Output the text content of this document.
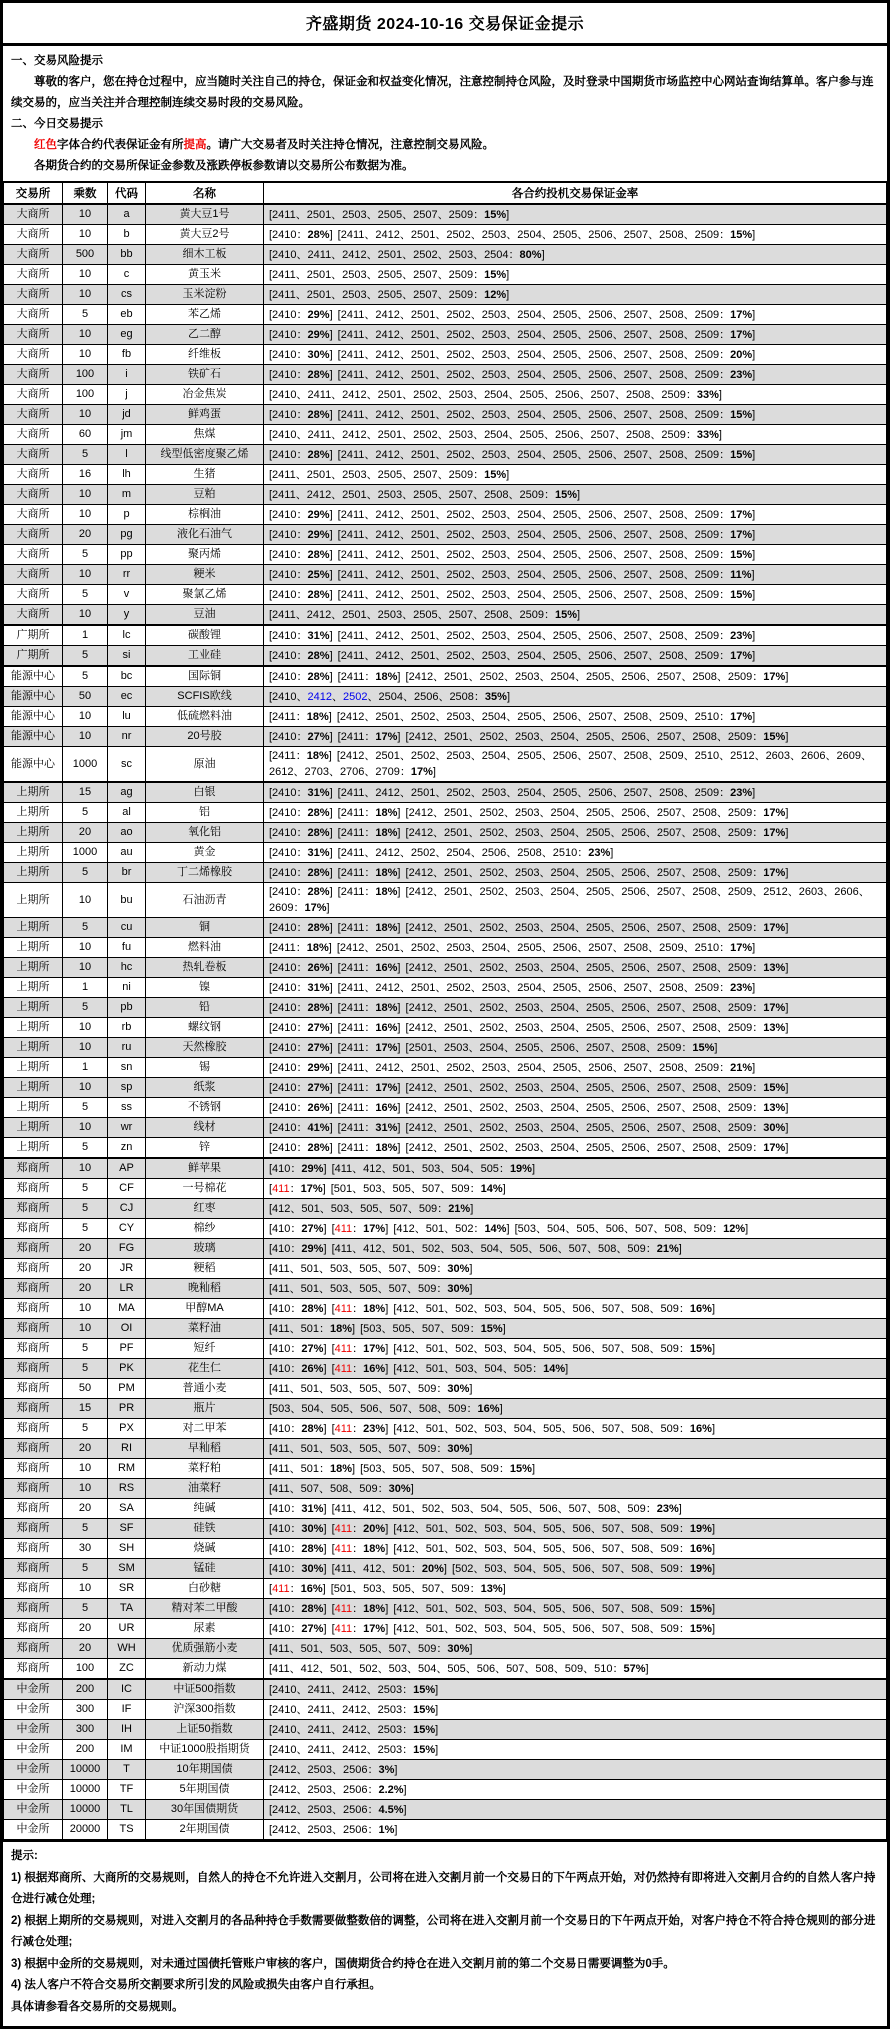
齐盛期货 2024-10-16 交易保证金提示
一、交易风险提示

尊敬的客户，您在持仓过程中，应当随时关注自己的持仓，保证金和权益变化情况，注意控制持仓风险，及时登录中国期货市场监控中心网站查询结算单。客户参与连续交易的，应当关注并合理控制连续交易时段的交易风险。

二、今日交易提示

红色字体合约代表保证金有所提高。请广大交易者及时关注持仓情况，注意控制交易风险。

各期货合约的交易所保证金参数及涨跌停板参数请以交易所公布数据为准。

交易所	乘数	代码	名称	各合约投机交易保证金率
大商所	10	a	黄大豆1号	[2411、2501、2503、2505、2507、2509：15%]
大商所	10	b	黄大豆2号	[2410：28%] [2411、2412、2501、2502、2503、2504、2505、2506、2507、2508、2509：15%]
大商所	500	bb	细木工板	[2410、2411、2412、2501、2502、2503、2504：80%]
大商所	10	c	黄玉米	[2411、2501、2503、2505、2507、2509：15%]
大商所	10	cs	玉米淀粉	[2411、2501、2503、2505、2507、2509：12%]
大商所	5	eb	苯乙烯	[2410：29%] [2411、2412、2501、2502、2503、2504、2505、2506、2507、2508、2509：17%]
大商所	10	eg	乙二醇	[2410：29%] [2411、2412、2501、2502、2503、2504、2505、2506、2507、2508、2509：17%]
大商所	10	fb	纤维板	[2410：30%] [2411、2412、2501、2502、2503、2504、2505、2506、2507、2508、2509：20%]
大商所	100	i	铁矿石	[2410：28%] [2411、2412、2501、2502、2503、2504、2505、2506、2507、2508、2509：23%]
大商所	100	j	冶金焦炭	[2410、2411、2412、2501、2502、2503、2504、2505、2506、2507、2508、2509：33%]
大商所	10	jd	鲜鸡蛋	[2410：28%] [2411、2412、2501、2502、2503、2504、2505、2506、2507、2508、2509：15%]
大商所	60	jm	焦煤	[2410、2411、2412、2501、2502、2503、2504、2505、2506、2507、2508、2509：33%]
大商所	5	l	线型低密度聚乙烯	[2410：28%] [2411、2412、2501、2502、2503、2504、2505、2506、2507、2508、2509：15%]
大商所	16	lh	生猪	[2411、2501、2503、2505、2507、2509：15%]
大商所	10	m	豆粕	[2411、2412、2501、2503、2505、2507、2508、2509：15%]
大商所	10	p	棕榈油	[2410：29%] [2411、2412、2501、2502、2503、2504、2505、2506、2507、2508、2509：17%]
大商所	20	pg	液化石油气	[2410：29%] [2411、2412、2501、2502、2503、2504、2505、2506、2507、2508、2509：17%]
大商所	5	pp	聚丙烯	[2410：28%] [2411、2412、2501、2502、2503、2504、2505、2506、2507、2508、2509：15%]
大商所	10	rr	粳米	[2410：25%] [2411、2412、2501、2502、2503、2504、2505、2506、2507、2508、2509：11%]
大商所	5	v	聚氯乙烯	[2410：28%] [2411、2412、2501、2502、2503、2504、2505、2506、2507、2508、2509：15%]
大商所	10	y	豆油	[2411、2412、2501、2503、2505、2507、2508、2509：15%]
广期所	1	lc	碳酸锂	[2410：31%] [2411、2412、2501、2502、2503、2504、2505、2506、2507、2508、2509：23%]
广期所	5	si	工业硅	[2410：28%] [2411、2412、2501、2502、2503、2504、2505、2506、2507、2508、2509：17%]
能源中心	5	bc	国际铜	[2410：28%] [2411：18%] [2412、2501、2502、2503、2504、2505、2506、2507、2508、2509：17%]
能源中心	50	ec	SCFIS欧线	[2410、2412、2502、2504、2506、2508：35%]
能源中心	10	lu	低硫燃料油	[2411：18%] [2412、2501、2502、2503、2504、2505、2506、2507、2508、2509、2510：17%]
能源中心	10	nr	20号胶	[2410：27%] [2411：17%] [2412、2501、2502、2503、2504、2505、2506、2507、2508、2509：15%]
能源中心	1000	sc	原油	[2411：18%] [2412、2501、2502、2503、2504、2505、2506、2507、2508、2509、2510、2512、2603、2606、2609、2612、2703、2706、2709：17%]
上期所	15	ag	白银	[2410：31%] [2411、2412、2501、2502、2503、2504、2505、2506、2507、2508、2509：23%]
上期所	5	al	铝	[2410：28%] [2411：18%] [2412、2501、2502、2503、2504、2505、2506、2507、2508、2509：17%]
上期所	20	ao	氧化铝	[2410：28%] [2411：18%] [2412、2501、2502、2503、2504、2505、2506、2507、2508、2509：17%]
上期所	1000	au	黄金	[2410：31%] [2411、2412、2502、2504、2506、2508、2510：23%]
上期所	5	br	丁二烯橡胶	[2410：28%] [2411：18%] [2412、2501、2502、2503、2504、2505、2506、2507、2508、2509：17%]
上期所	10	bu	石油沥青	[2410：28%] [2411：18%] [2412、2501、2502、2503、2504、2505、2506、2507、2508、2509、2512、2603、2606、2609：17%]
上期所	5	cu	铜	[2410：28%] [2411：18%] [2412、2501、2502、2503、2504、2505、2506、2507、2508、2509：17%]
上期所	10	fu	燃料油	[2411：18%] [2412、2501、2502、2503、2504、2505、2506、2507、2508、2509、2510：17%]
上期所	10	hc	热轧卷板	[2410：26%] [2411：16%] [2412、2501、2502、2503、2504、2505、2506、2507、2508、2509：13%]
上期所	1	ni	镍	[2410：31%] [2411、2412、2501、2502、2503、2504、2505、2506、2507、2508、2509：23%]
上期所	5	pb	铅	[2410：28%] [2411：18%] [2412、2501、2502、2503、2504、2505、2506、2507、2508、2509：17%]
上期所	10	rb	螺纹钢	[2410：27%] [2411：16%] [2412、2501、2502、2503、2504、2505、2506、2507、2508、2509：13%]
上期所	10	ru	天然橡胶	[2410：27%] [2411：17%] [2501、2503、2504、2505、2506、2507、2508、2509：15%]
上期所	1	sn	锡	[2410：29%] [2411、2412、2501、2502、2503、2504、2505、2506、2507、2508、2509：21%]
上期所	10	sp	纸浆	[2410：27%] [2411：17%] [2412、2501、2502、2503、2504、2505、2506、2507、2508、2509：15%]
上期所	5	ss	不锈钢	[2410：26%] [2411：16%] [2412、2501、2502、2503、2504、2505、2506、2507、2508、2509：13%]
上期所	10	wr	线材	[2410：41%] [2411：31%] [2412、2501、2502、2503、2504、2505、2506、2507、2508、2509：30%]
上期所	5	zn	锌	[2410：28%] [2411：18%] [2412、2501、2502、2503、2504、2505、2506、2507、2508、2509：17%]
郑商所	10	AP	鲜苹果	[410：29%] [411、412、501、503、504、505：19%]
郑商所	5	CF	一号棉花	[411：17%] [501、503、505、507、509：14%]
郑商所	5	CJ	红枣	[412、501、503、505、507、509：21%]
郑商所	5	CY	棉纱	[410：27%] [411：17%] [412、501、502：14%] [503、504、505、506、507、508、509：12%]
郑商所	20	FG	玻璃	[410：29%] [411、412、501、502、503、504、505、506、507、508、509：21%]
郑商所	20	JR	粳稻	[411、501、503、505、507、509：30%]
郑商所	20	LR	晚籼稻	[411、501、503、505、507、509：30%]
郑商所	10	MA	甲醇MA	[410：28%] [411：18%] [412、501、502、503、504、505、506、507、508、509：16%]
郑商所	10	OI	菜籽油	[411、501：18%] [503、505、507、509：15%]
郑商所	5	PF	短纤	[410：27%] [411：17%] [412、501、502、503、504、505、506、507、508、509：15%]
郑商所	5	PK	花生仁	[410：26%] [411：16%] [412、501、503、504、505：14%]
郑商所	50	PM	普通小麦	[411、501、503、505、507、509：30%]
郑商所	15	PR	瓶片	[503、504、505、506、507、508、509：16%]
郑商所	5	PX	对二甲苯	[410：28%] [411：23%] [412、501、502、503、504、505、506、507、508、509：16%]
郑商所	20	RI	早籼稻	[411、501、503、505、507、509：30%]
郑商所	10	RM	菜籽粕	[411、501：18%] [503、505、507、508、509：15%]
郑商所	10	RS	油菜籽	[411、507、508、509：30%]
郑商所	20	SA	纯碱	[410：31%] [411、412、501、502、503、504、505、506、507、508、509：23%]
郑商所	5	SF	硅铁	[410：30%] [411：20%] [412、501、502、503、504、505、506、507、508、509：19%]
郑商所	30	SH	烧碱	[410：28%] [411：18%] [412、501、502、503、504、505、506、507、508、509：16%]
郑商所	5	SM	锰硅	[410：30%] [411、412、501：20%] [502、503、504、505、506、507、508、509：19%]
郑商所	10	SR	白砂糖	[411：16%] [501、503、505、507、509：13%]
郑商所	5	TA	精对苯二甲酸	[410：28%] [411：18%] [412、501、502、503、504、505、506、507、508、509：15%]
郑商所	20	UR	尿素	[410：27%] [411：17%] [412、501、502、503、504、505、506、507、508、509：15%]
郑商所	20	WH	优质强筋小麦	[411、501、503、505、507、509：30%]
郑商所	100	ZC	新动力煤	[411、412、501、502、503、504、505、506、507、508、509、510：57%]
中金所	200	IC	中证500指数	[2410、2411、2412、2503：15%]
中金所	300	IF	沪深300指数	[2410、2411、2412、2503：15%]
中金所	300	IH	上证50指数	[2410、2411、2412、2503：15%]
中金所	200	IM	中证1000股指期货	[2410、2411、2412、2503：15%]
中金所	10000	T	10年期国债	[2412、2503、2506：3%]
中金所	10000	TF	5年期国债	[2412、2503、2506：2.2%]
中金所	10000	TL	30年国债期货	[2412、2503、2506：4.5%]
中金所	20000	TS	2年期国债	[2412、2503、2506：1%]
提示:
1) 根据郑商所、大商所的交易规则，自然人的持仓不允许进入交割月，公司将在进入交割月前一个交易日的下午两点开始，对仍然持有即将进入交割月合约的自然人客户持仓进行减仓处理;
2) 根据上期所的交易规则，对进入交割月的各品种持仓手数需要做整数倍的调整，公司将在进入交割月前一个交易日的下午两点开始，对客户持仓不符合持仓规则的部分进行减仓处理;
3) 根据中金所的交易规则，对未通过国债托管账户审核的客户，国债期货合约持仓在进入交割月前的第二个交易日需要调整为0手。
4) 法人客户不符合交易所交割要求所引发的风险或损失由客户自行承担。
具体请参看各交易所的交易规则。
